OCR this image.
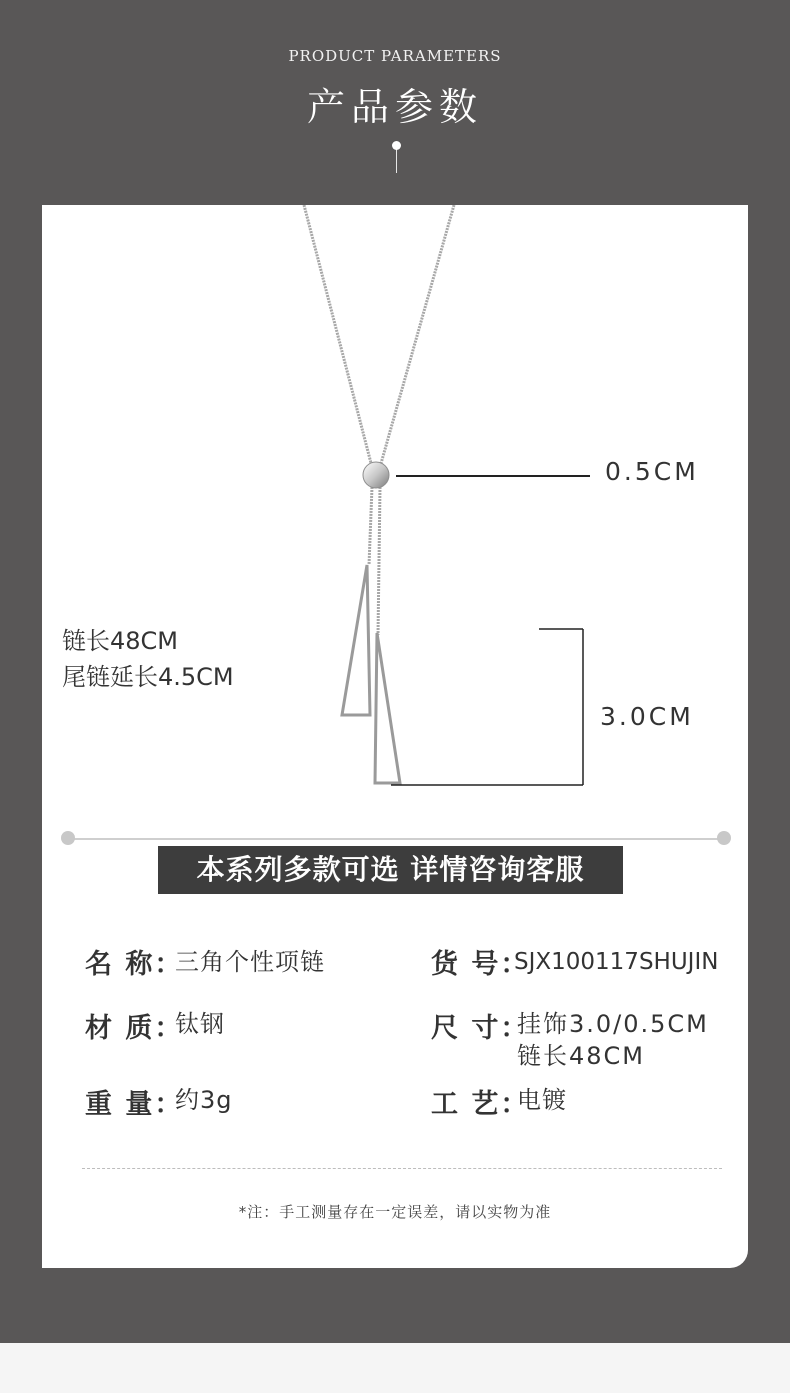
PRODUCT PARAMETERS
产品参数
0.5CM
3.0CM
链长48CM
尾链延长4.5CM
本系列多款可选 详情咨询客服
名 称：
三角个性项链	货 号：
SJX100117SHUJIN
材 质：
钛钢	尺 寸：
挂饰3.0/0.5CM
链长48CM
重 量：
约3g	工 艺：
电镀
*注：手工测量存在一定误差，请以实物为准
